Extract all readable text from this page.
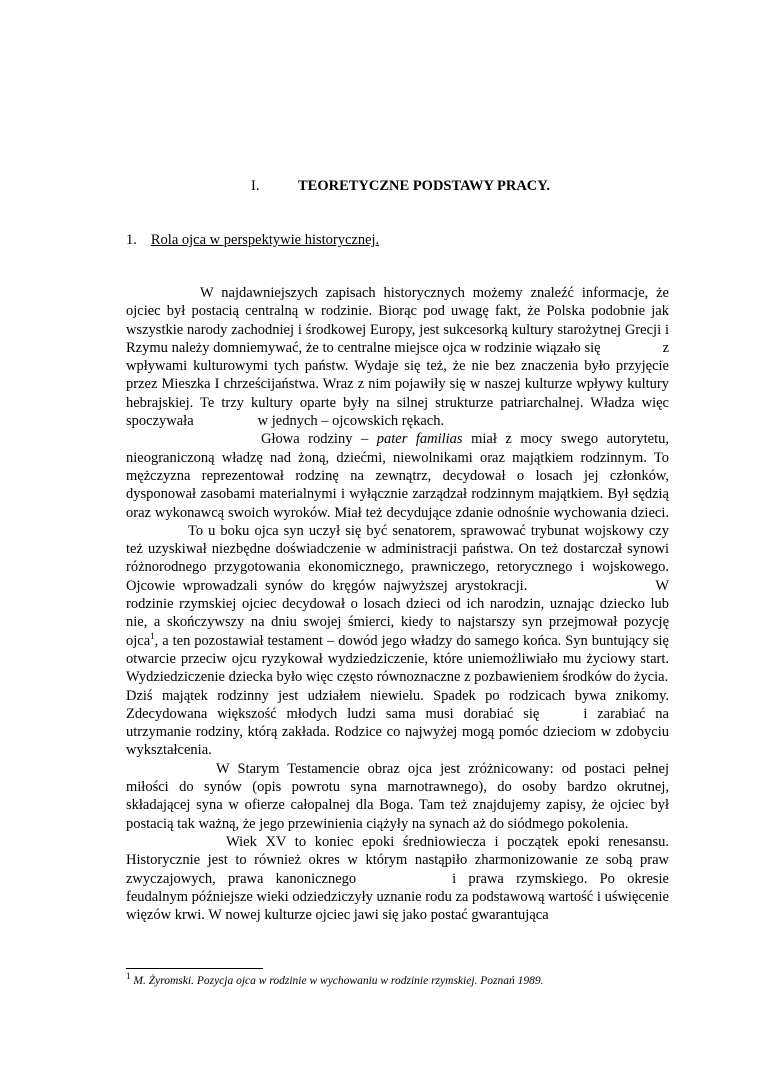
I.	TEORETYCZNE PODSTAWY PRACY.
1. Rola ojca w perspektywie historycznej.

W najdawniejszych zapisach historycznych możemy znaleźć informacje, że ojciec był postacią centralną w rodzinie. Biorąc pod uwagę fakt, że Polska podobnie jak wszystkie narody zachodniej i środkowej Europy, jest sukcesorką kultury starożytnej Grecji i Rzymu należy domniemywać, że to centralne miejsce ojca w rodzinie wiązało się	z wpływami kulturowymi tych państw. Wydaje się też, że nie bez znaczenia było przyjęcie przez Mieszka I chrześcijaństwa. Wraz z nim pojawiły się w naszej kulturze wpływy kultury hebrajskiej. Te trzy kultury oparte były na silnej strukturze patriarchalnej. Władza więc spoczywała	w jednych – ojcowskich rękach.

Głowa rodziny – pater familias miał z mocy swego autorytetu, nieograniczoną władzę nad żoną, dziećmi, niewolnikami oraz majątkiem rodzinnym. To mężczyzna reprezentował rodzinę na zewnątrz, decydował o losach jej członków, dysponował zasobami materialnymi i wyłącznie zarządzał rodzinnym majątkiem. Był sędzią oraz wykonawcą swoich wyroków. Miał też decydujące zdanie odnośnie wychowania dzieci.To u boku ojca syn uczył się być senatorem, sprawować trybunat wojskowy czy też uzyskiwał niezbędne doświadczenie w administracji państwa. On też dostarczał synowi różnorodnego przygotowania ekonomicznego, prawniczego, retorycznego i wojskowego. Ojcowie wprowadzali synów do kręgów najwyższej arystokracji.	W rodzinie rzymskiej ojciec decydował o losach dzieci od ich narodzin, uznając dziecko lub nie, a skończywszy na dniu swojej śmierci, kiedy to najstarszy syn przejmował pozycję ojca$^1$, a ten pozostawiał testament – dowód jego władzy do samego końca. Syn buntujący się otwarcie przeciw ojcu ryzykował wydziedziczenie, które uniemożliwiało mu życiowy start. Wydziedziczenie dziecka było więc często równoznaczne z pozbawieniem środków do życia.

Dziś majątek rodzinny jest udziałem niewielu. Spadek po rodzicach bywa znikomy. Zdecydowana większość młodych ludzi sama musi dorabiać się	i zarabiać na utrzymanie rodziny, którą zakłada. Rodzice co najwyżej mogą pomóc dzieciom w zdobyciu wykształcenia.

W Starym Testamencie obraz ojca jest zróżnicowany: od postaci pełnej miłości do synów (opis powrotu syna marnotrawnego), do osoby bardzo okrutnej, składającej syna w ofierze całopalnej dla Boga. Tam też znajdujemy zapisy, że ojciec był postacią tak ważną, że jego przewinienia ciążyły na synach aż do siódmego pokolenia.

Wiek XV to koniec epoki średniowiecza i początek epoki renesansu. Historycznie jest to również okres w którym nastąpiło zharmonizowanie ze sobą praw zwyczajowych, prawa kanonicznego	i prawa rzymskiego. Po okresie feudalnym późniejsze wieki odziedziczyły uznanie rodu za podstawową wartość i uświęcenie więzów krwi. W nowej kulturze ojciec jawi się jako postać gwarantująca

$^1$ M. Żyromski. Pozycja ojca w rodzinie w wychowaniu w rodzinie rzymskiej. Poznań 1989.
